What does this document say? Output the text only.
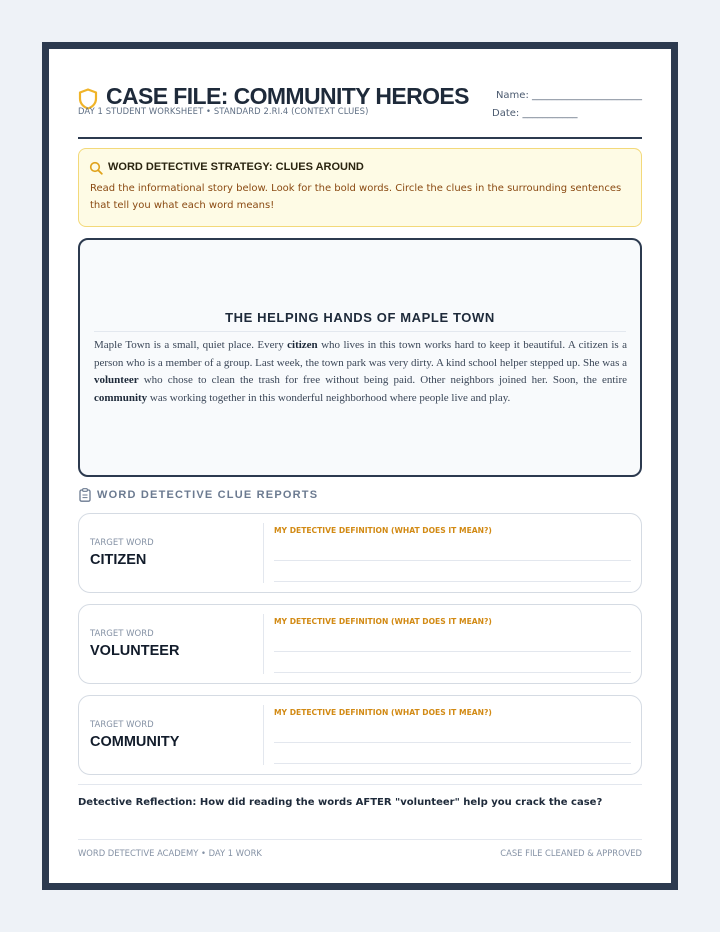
CASE FILE: COMMUNITY HEROES	Name: ______________________
Date: ___________
DAY 1 STUDENT WORKSHEET • STANDARD 2.RI.4 (CONTEXT CLUES)
WORD DETECTIVE STRATEGY: CLUES AROUND
Read the informational story below. Look for the bold words. Circle the clues in the surrounding sentences that tell you what each word means!
THE HELPING HANDS OF MAPLE TOWN
Maple Town is a small, quiet place. Every citizen who lives in this town works hard to keep it beautiful. A citizen is a person who is a member of a group. Last week, the town park was very dirty. A kind school helper stepped up. She was a volunteer who chose to clean the trash for free without being paid. Other neighbors joined her. Soon, the entire community was working together in this wonderful neighborhood where people live and play.
WORD DETECTIVE CLUE REPORTS
TARGET WORD
CITIZEN
MY DETECTIVE DEFINITION (WHAT DOES IT MEAN?)
TARGET WORD
VOLUNTEER
MY DETECTIVE DEFINITION (WHAT DOES IT MEAN?)
TARGET WORD
COMMUNITY
MY DETECTIVE DEFINITION (WHAT DOES IT MEAN?)
Detective Reflection: How did reading the words AFTER "volunteer" help you crack the case?
WORD DETECTIVE ACADEMY • DAY 1 WORK	CASE FILE CLEANED & APPROVED
